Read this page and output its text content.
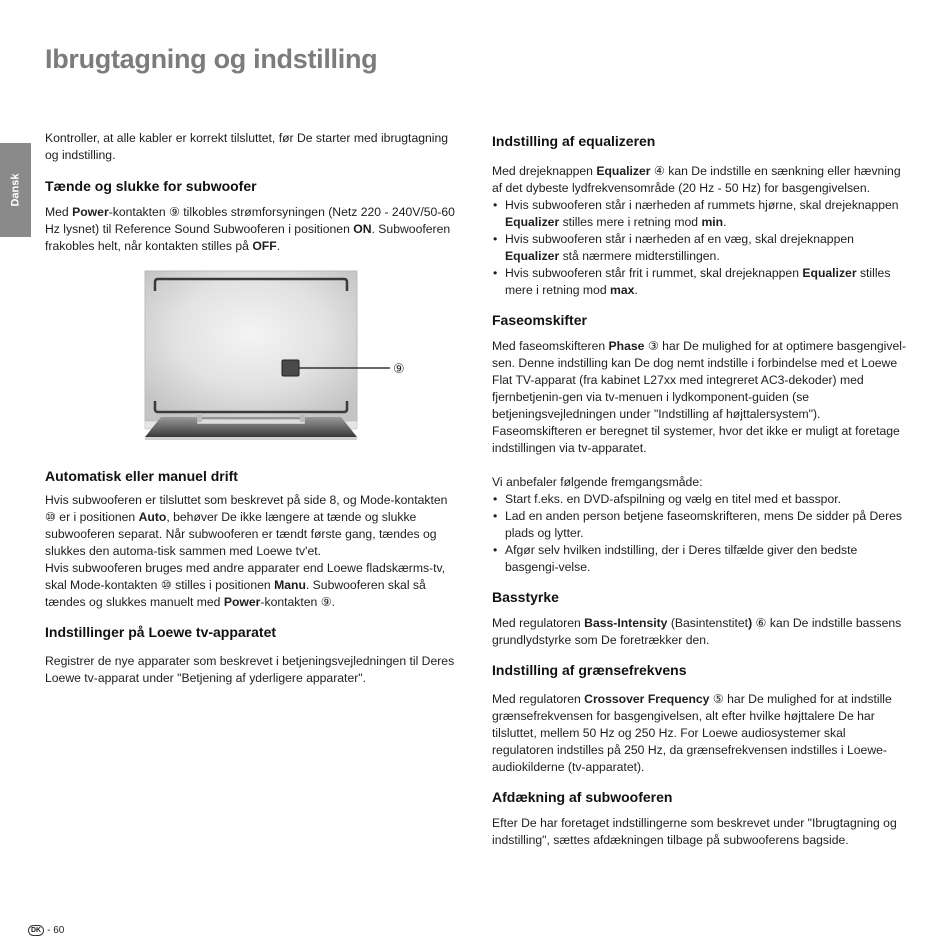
Ibrugtagning og indstilling
Dansk

Kontroller, at alle kabler er korrekt tilsluttet, før De starter med ibrugtagning og indstilling.

Tænde og slukke for subwoofer

Med Power-kontakten ⑨ tilkobles strømforsyningen (Netz 220 - 240V/50-60 Hz lysnet) til Reference Sound Subwooferen i positionen ON. Subwooferen frakobles helt, når kontakten stilles på OFF.

⑨
Automatisk eller manuel drift

Hvis subwooferen er tilsluttet som beskrevet på side 8, og Mode-kontakten ⑩ er i positionen Auto, behøver De ikke længere at tænde og slukke subwooferen separat. Når subwooferen er tændt første gang, tændes og slukkes den automa-tisk sammen med Loewe tv'et.

Hvis subwooferen bruges med andre apparater end Loewe fladskærms-tv, skal Mode-kontakten ⑩ stilles i positionen Manu. Subwooferen skal så tændes og slukkes manuelt med Power-kontakten ⑨.

Indstillinger på Loewe tv-apparatet

Registrer de nye apparater som beskrevet i betjeningsvejledningen til Deres Loewe tv-apparat under "Betjening af yderligere apparater".

Indstilling af equalizeren

Med drejeknappen Equalizer ④ kan De indstille en sænkning eller hævning af det dybeste lydfrekvensområde (20 Hz - 50 Hz) for basgengivelsen.

• Hvis subwooferen står i nærheden af rummets hjørne, skal drejeknappen Equalizer stilles mere i retning mod min.
• Hvis subwooferen står i nærheden af en væg, skal drejeknappen Equalizer stå nærmere midterstillingen.
• Hvis subwooferen står frit i rummet, skal drejeknappen Equalizer stilles mere i retning mod max.
Faseomskifter

Med faseomskifteren Phase ③ har De mulighed for at optimere basgengivel-sen. Denne indstilling kan De dog nemt indstille i forbindelse med et Loewe Flat TV-apparat (fra kabinet L27xx med integreret AC3-dekoder) med fjernbetjenin-gen via tv-menuen i lydkomponent-guiden (se betjeningsvejledningen under "Indstilling af højttalersystem"). Faseomskifteren er beregnet til systemer, hvor det ikke er muligt at foretage indstillingen via tv-apparatet.

Vi anbefaler følgende fremgangsmåde:

• Start f.eks. en DVD-afspilning og vælg en titel med et basspor.
• Lad en anden person betjene faseomskrifteren, mens De sidder på Deres plads og lytter.
• Afgør selv hvilken indstilling, der i Deres tilfælde giver den bedste basgengi-velse.
Basstyrke

Med regulatoren Bass-Intensity (Basintenstitet) ⑥ kan De indstille bassens grundlydstyrke som De foretrækker den.

Indstilling af grænsefrekvens

Med regulatoren Crossover Frequency ⑤ har De mulighed for at indstille grænsefrekvensen for basgengivelsen, alt efter hvilke højttalere De har tilsluttet, mellem 50 Hz og 250 Hz. For Loewe audiosystemer skal regulatoren indstilles på 250 Hz, da grænsefrekvensen indstilles i Loewe-audiokilderne (tv-apparatet).

Afdækning af subwooferen

Efter De har foretaget indstillingerne som beskrevet under "Ibrugtagning og indstilling", sættes afdækningen tilbage på subwooferens bagside.

DK - 60
